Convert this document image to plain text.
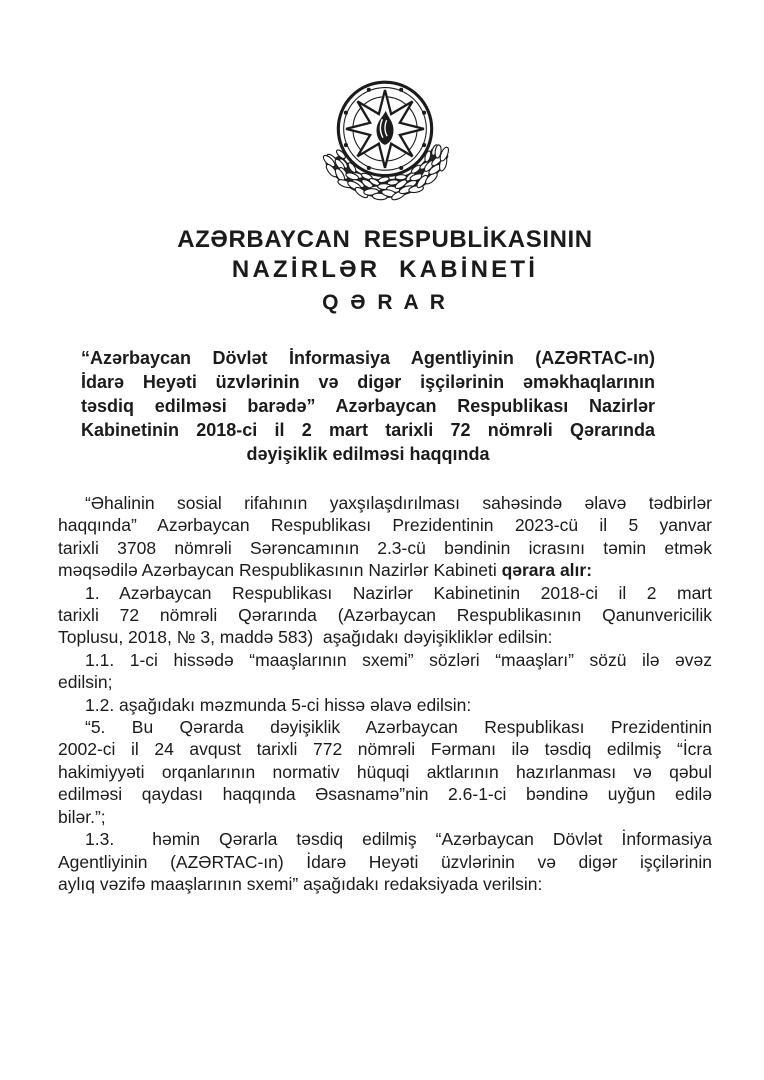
AZƏRBAYCAN RESPUBLİKASININ
NAZİRLƏR KABİNETİ
Q Ə R A R
“Azərbaycan Dövlət İnformasiya Agentliyinin (AZƏRTAC-ın)
İdarə Heyəti üzvlərinin və digər işçilərinin əməkhaqlarının
təsdiq edilməsi barədə” Azərbaycan Respublikası Nazirlər
Kabinetinin 2018-ci il 2 mart tarixli 72 nömrəli Qərarında
dəyişiklik edilməsi haqqında
“Əhalinin sosial rifahının yaxşılaşdırılması sahəsində əlavə tədbirlər
haqqında” Azərbaycan Respublikası Prezidentinin 2023-cü il 5 yanvar
tarixli 3708 nömrəli Sərəncamının 2.3-cü bəndinin icrasını təmin etmək
məqsədilə Azərbaycan Respublikasının Nazirlər Kabineti qərara alır:
1. Azərbaycan Respublikası Nazirlər Kabinetinin 2018-ci il 2 mart
tarixli 72 nömrəli Qərarında (Azərbaycan Respublikasının Qanunvericilik
Toplusu, 2018, № 3, maddə 583)  aşağıdakı dəyişikliklər edilsin:
1.1. 1-ci hissədə “maaşlarının sxemi” sözləri “maaşları” sözü ilə əvəz
edilsin;
1.2. aşağıdakı məzmunda 5-ci hissə əlavə edilsin:
“5. Bu Qərarda dəyişiklik Azərbaycan Respublikası Prezidentinin
2002-ci il 24 avqust tarixli 772 nömrəli Fərmanı ilə təsdiq edilmiş “İcra
hakimiyyəti orqanlarının normativ hüquqi aktlarının hazırlanması və qəbul
edilməsi qaydası haqqında Əsasnamə”nin 2.6-1-ci bəndinə uyğun edilə
bilər.”;
1.3.  həmin Qərarla təsdiq edilmiş “Azərbaycan Dövlət İnformasiya
Agentliyinin (AZƏRTAC-ın) İdarə Heyəti üzvlərinin və digər işçilərinin
aylıq vəzifə maaşlarının sxemi” aşağıdakı redaksiyada verilsin:
